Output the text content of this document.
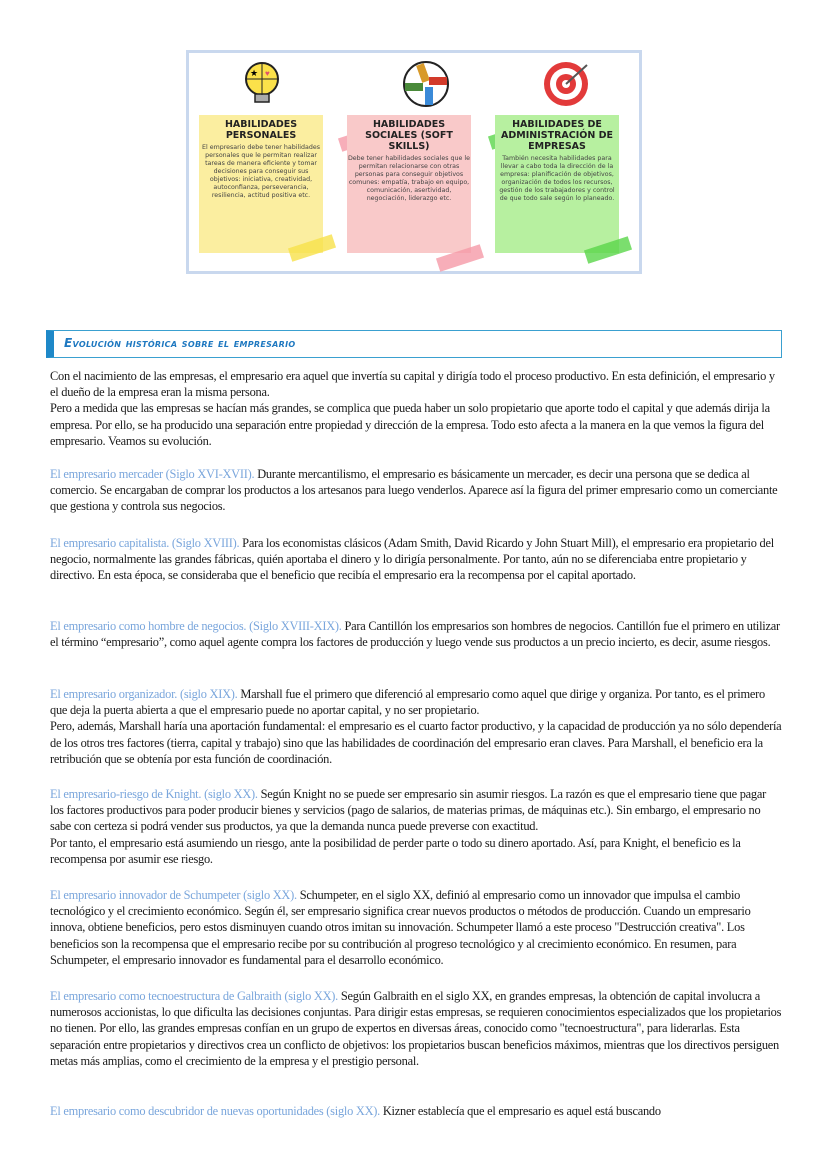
★ ♥
HABILIDADES PERSONALES

El empresario debe tener habilidades personales que le permitan realizar tareas de manera eficiente y tomar decisiones para conseguir sus objetivos: iniciativa, creatividad, autoconfianza, perseverancia, resiliencia, actitud positiva etc.

HABILIDADES SOCIALES (SOFT SKILLS)

Debe tener habilidades sociales que le permitan relacionarse con otras personas para conseguir objetivos comunes: empatía, trabajo en equipo, comunicación, asertividad, negociación, liderazgo etc.

HABILIDADES DE ADMINISTRACIÓN DE EMPRESAS

También necesita habilidades para llevar a cabo toda la dirección de la empresa: planificación de objetivos, organización de todos los recursos, gestión de los trabajadores y control de que todo sale según lo planeado.

Evolución histórica sobre el empresario

Con el nacimiento de las empresas, el empresario era aquel que invertía su capital y dirigía todo el proceso productivo. En esta definición, el empresario y el dueño de la empresa eran la misma persona.

Pero a medida que las empresas se hacían más grandes, se complica que pueda haber un solo propietario que aporte todo el capital y que además dirija la empresa. Por ello, se ha producido una separación entre propiedad y dirección de la empresa. Todo esto afecta a la manera en la que vemos la figura del empresario. Veamos su evolución.

El empresario mercader (Siglo XVI-XVII). Durante mercantilismo, el empresario es básicamente un mercader, es decir una persona que se dedica al comercio. Se encargaban de comprar los productos a los artesanos para luego venderlos. Aparece así la figura del primer empresario como un comerciante que gestiona y controla sus negocios.

El empresario capitalista. (Siglo XVIII). Para los economistas clásicos (Adam Smith, David Ricardo y John Stuart Mill), el empresario era propietario del negocio, normalmente las grandes fábricas, quién aportaba el dinero y lo dirigía personalmente. Por tanto, aún no se diferenciaba entre propietario y directivo. En esta época, se consideraba que el beneficio que recibía el empresario era la recompensa por el capital aportado.

El empresario como hombre de negocios. (Siglo XVIII-XIX). Para Cantillón los empresarios son hombres de negocios. Cantillón fue el primero en utilizar el término “empresario”, como aquel agente compra los factores de producción y luego vende sus productos a un precio incierto, es decir, asume riesgos.

El empresario organizador. (siglo XIX). Marshall fue el primero que diferenció al empresario como aquel que dirige y organiza. Por tanto, es el primero que deja la puerta abierta a que el empresario puede no aportar capital, y no ser propietario.

Pero, además, Marshall haría una aportación fundamental: el empresario es el cuarto factor productivo, y la capacidad de producción ya no sólo dependería de los otros tres factores (tierra, capital y trabajo) sino que las habilidades de coordinación del empresario eran claves. Para Marshall, el beneficio era la retribución que se obtenía por esta función de coordinación.

El empresario-riesgo de Knight. (siglo XX). Según Knight no se puede ser empresario sin asumir riesgos. La razón es que el empresario tiene que pagar los factores productivos para poder producir bienes y servicios (pago de salarios, de materias primas, de máquinas etc.). Sin embargo, el empresario no sabe con certeza si podrá vender sus productos, ya que la demanda nunca puede preverse con exactitud.

Por tanto, el empresario está asumiendo un riesgo, ante la posibilidad de perder parte o todo su dinero aportado. Así, para Knight, el beneficio es la recompensa por asumir ese riesgo.

El empresario innovador de Schumpeter (siglo XX). Schumpeter, en el siglo XX, definió al empresario como un innovador que impulsa el cambio tecnológico y el crecimiento económico. Según él, ser empresario significa crear nuevos productos o métodos de producción. Cuando un empresario innova, obtiene beneficios, pero estos disminuyen cuando otros imitan su innovación. Schumpeter llamó a este proceso "Destrucción creativa". Los beneficios son la recompensa que el empresario recibe por su contribución al progreso tecnológico y al crecimiento económico. En resumen, para Schumpeter, el empresario innovador es fundamental para el desarrollo económico.

El empresario como tecnoestructura de Galbraith (siglo XX). Según Galbraith en el siglo XX, en grandes empresas, la obtención de capital involucra a numerosos accionistas, lo que dificulta las decisiones conjuntas. Para dirigir estas empresas, se requieren conocimientos especializados que los propietarios no tienen. Por ello, las grandes empresas confían en un grupo de expertos en diversas áreas, conocido como "tecnoestructura", para liderarlas. Esta separación entre propietarios y directivos crea un conflicto de objetivos: los propietarios buscan beneficios máximos, mientras que los directivos persiguen metas más amplias, como el crecimiento de la empresa y el prestigio personal.

El empresario como descubridor de nuevas oportunidades (siglo XX). Kizner establecía que el empresario es aquel está buscando
